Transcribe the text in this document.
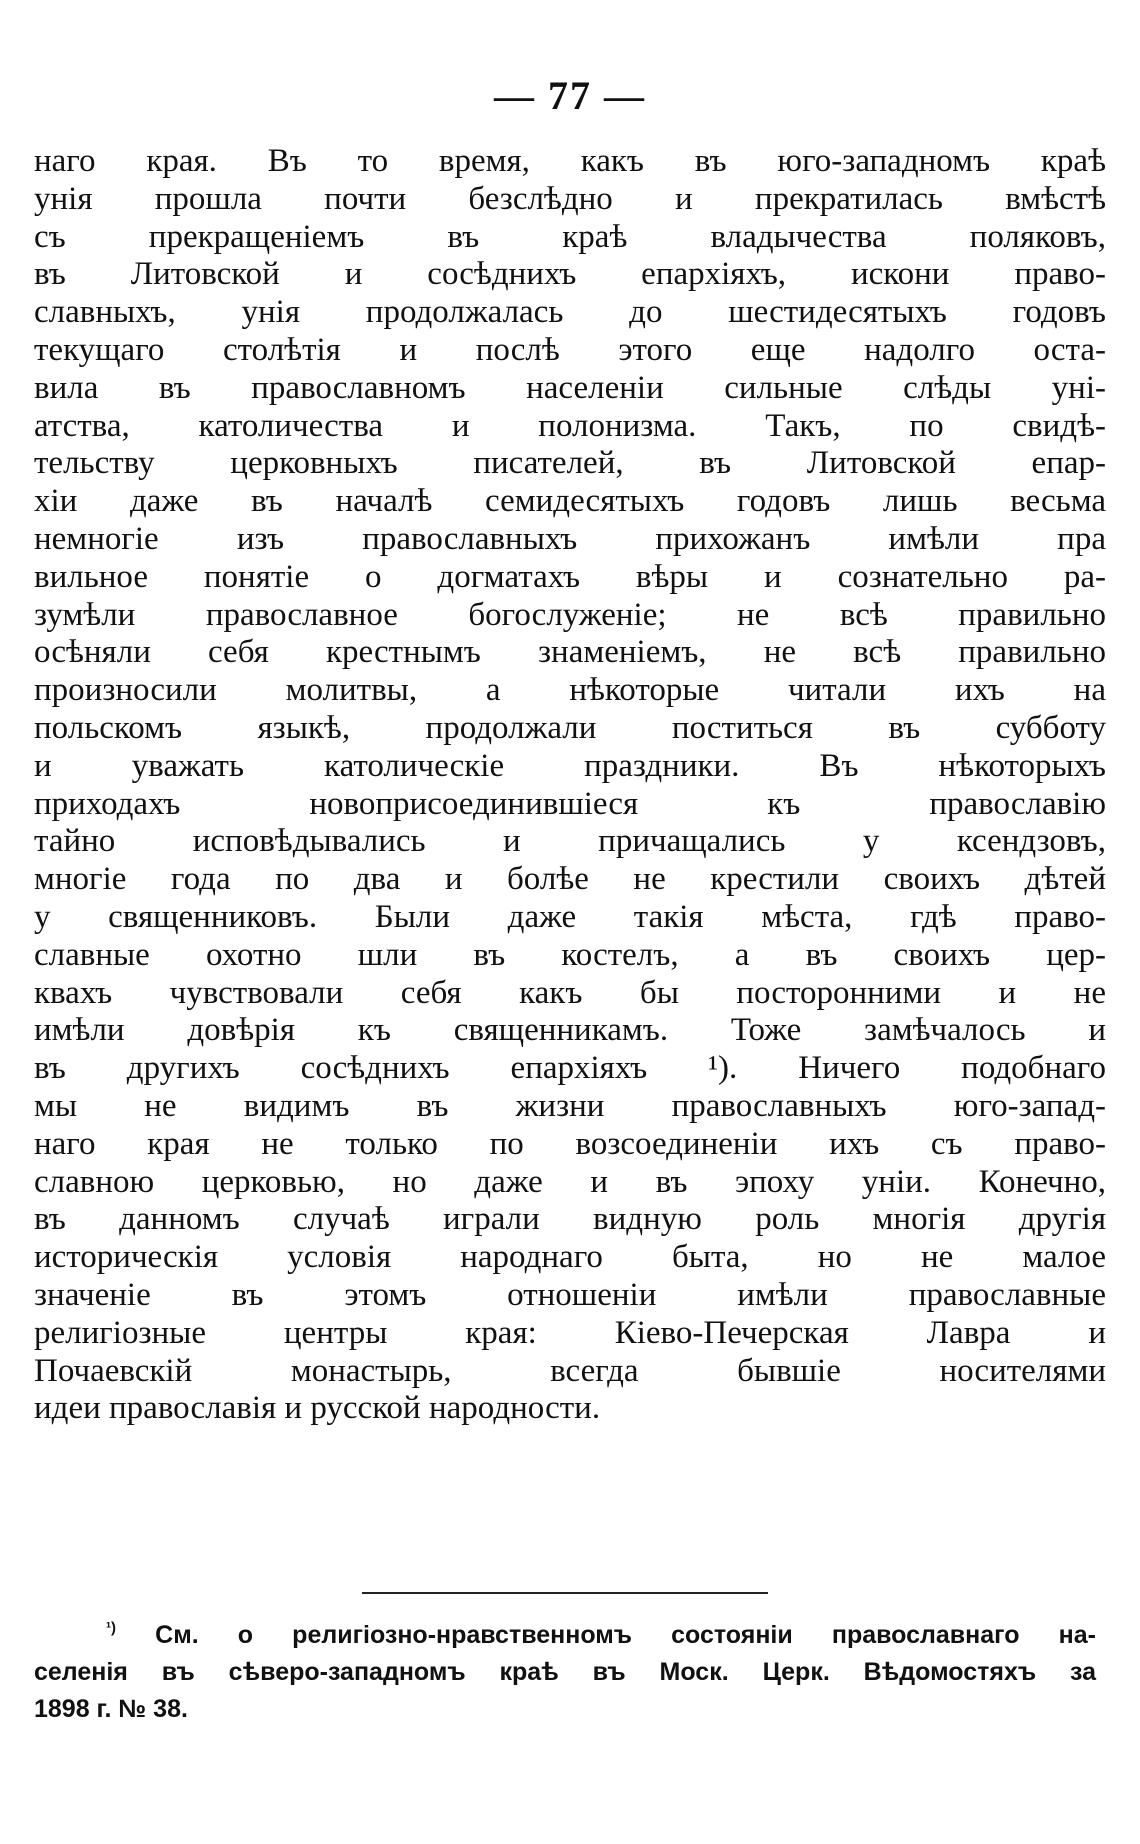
— 77 —
наго края. Въ то время, какъ въ юго-западномъ краѣ
унія прошла почти безслѣдно и прекратилась вмѣстѣ
съ прекращеніемъ въ краѣ владычества поляковъ,
въ Литовской и сосѣднихъ епархіяхъ, искони право-
славныхъ, унія продолжалась до шестидесятыхъ годовъ
текущаго столѣтія и послѣ этого еще надолго оста-
вила въ православномъ населеніи сильные слѣды уні-
атства, католичества и полонизма. Такъ, по свидѣ-
тельству церковныхъ писателей, въ Литовской епар-
хіи даже въ началѣ семидесятыхъ годовъ лишь весьма
немногіе изъ православныхъ прихожанъ имѣли пра
вильное понятіе о догматахъ вѣры и сознательно ра-
зумѣли православное богослуженіе; не всѣ правильно
осѣняли себя крестнымъ знаменіемъ, не всѣ правильно
произносили молитвы, а нѣкоторые читали ихъ на
польскомъ языкѣ, продолжали поститься въ субботу
и уважать католическіе праздники. Въ нѣкоторыхъ
приходахъ новоприсоединившіеся къ православію
тайно исповѣдывались и причащались у ксендзовъ,
многіе года по два и болѣе не крестили своихъ дѣтей
у священниковъ. Были даже такія мѣста, гдѣ право-
славные охотно шли въ костелъ, а въ своихъ цер-
квахъ чувствовали себя какъ бы посторонними и не
имѣли довѣрія къ священникамъ. Тоже замѣчалось и
въ другихъ сосѣднихъ епархіяхъ ¹). Ничего подобнаго
мы не видимъ въ жизни православныхъ юго-запад-
наго края не только по возсоединеніи ихъ съ право-
славною церковью, но даже и въ эпоху уніи. Конечно,
въ данномъ случаѣ играли видную роль многія другія
историческія условія народнаго быта, но не малое
значеніе въ этомъ отношеніи имѣли православные
религіозные центры края: Кіево-Печерская Лавра и
Почаевскій монастырь, всегда бывшіе носителями
идеи православія и русской народности.
$^{^1)}$ См. о религіозно-нравственномъ состояніи православнаго на-
селенія въ сѣверо-западномъ краѣ въ Моск. Церк. Вѣдомостяхъ за
1898 г. № 38.
